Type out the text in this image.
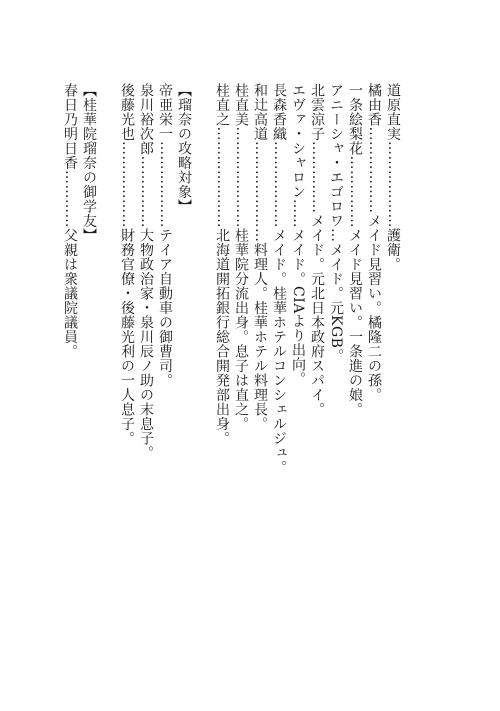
道原直実………………護衛。
橘由香………………メイド見習い。橘隆二の孫。
一条絵梨花……………メイド見習い。一条進の娘。
アニーシャ・エゴロワ…メイド。元KGB。
北雲涼子……………メイド。元北日本政府スパイ。
エヴァ・シャロン……メイド。CIAより出向。
長森香織………………メイド。桂華ホテルコンシェルジュ。
和辻高道…………………料理人。桂華ホテル料理長。
桂直美…………………桂華院分流出身。息子は直之。
桂直之…………………北海道開拓銀行総合開発部出身。
【瑠奈の攻略対象】
帝亜栄一………………テイア自動車の御曹司。
泉川裕次郎……………大物政治家・泉川辰ノ助の末息子。
後藤光也………………財務官僚・後藤光利の一人息子。
【桂華院瑠奈の御学友】
春日乃明日香…………父親は衆議院議員。
